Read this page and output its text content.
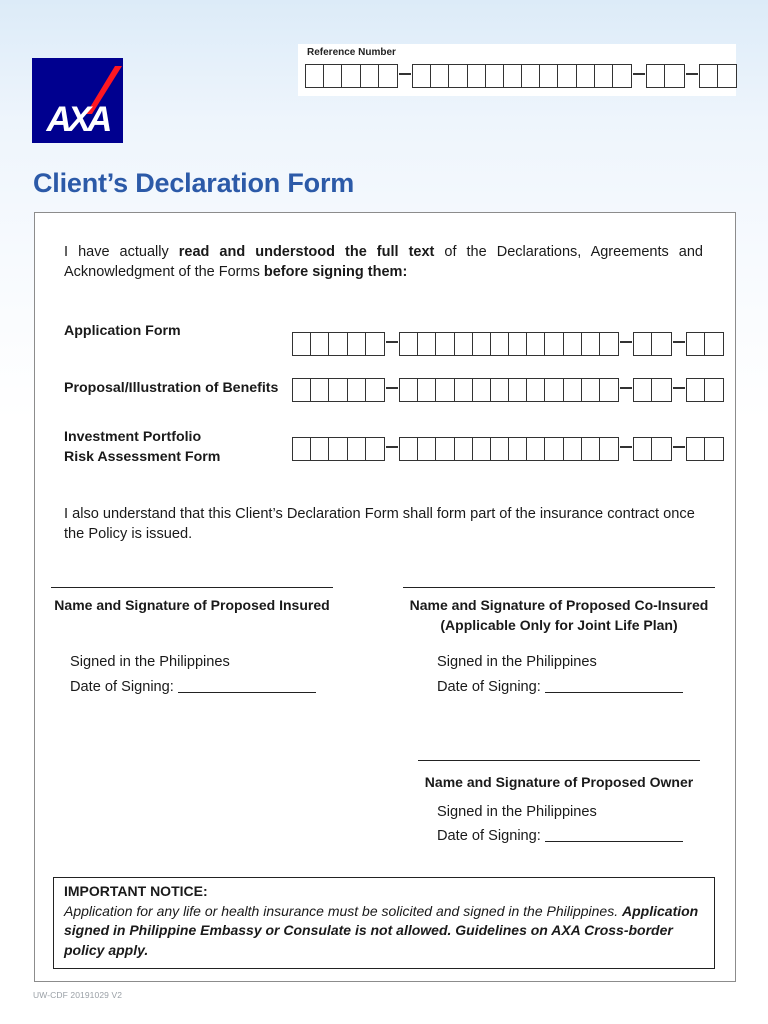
AXA
Reference Number
Client’s Declaration Form
I have actually read and understood the full text of the Declarations, Agreements and Acknowledgment of the Forms before signing them:
Application Form
Proposal/Illustration of Benefits
Investment Portfolio
Risk Assessment Form
I also understand that this Client’s Declaration Form shall form part of the insurance contract once the Policy is issued.
Name and Signature of Proposed Insured
Signed in the Philippines
Date of Signing:
Name and Signature of Proposed Co-Insured
(Applicable Only for Joint Life Plan)
Signed in the Philippines
Date of Signing:
Name and Signature of Proposed Owner
Signed in the Philippines
Date of Signing:
IMPORTANT NOTICE:
Application for any life or health insurance must be solicited and signed in the Philippines. Application signed in Philippine Embassy or Consulate is not allowed. Guidelines on AXA Cross-border policy apply.
UW-CDF 20191029 V2
